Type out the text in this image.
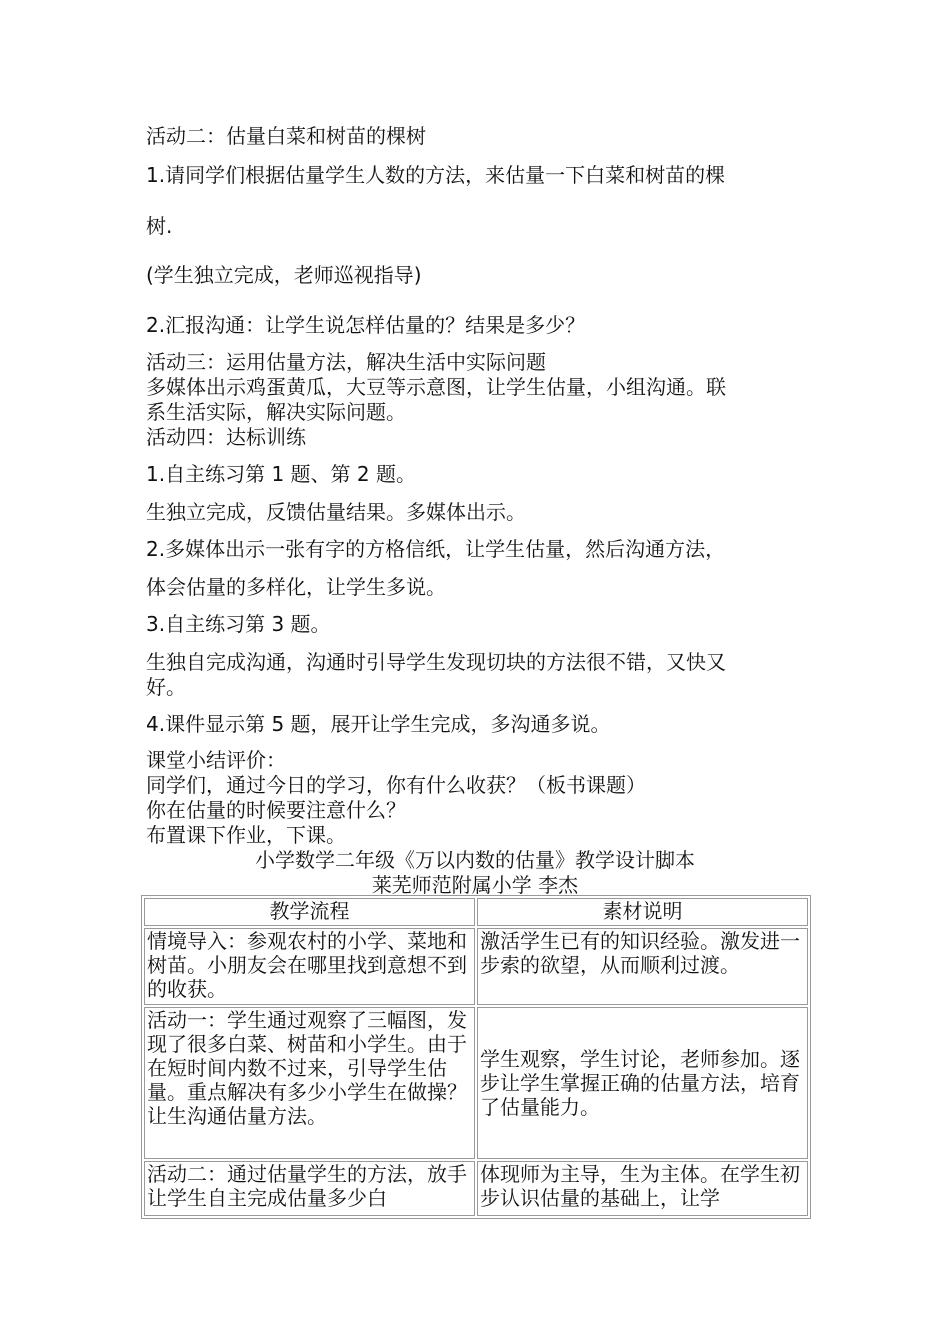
活动二：估量白菜和树苗的棵树
1.请同学们根据估量学生人数的方法，来估量一下白菜和树苗的棵
树.
(学生独立完成，老师巡视指导)
2.汇报沟通：让学生说怎样估量的？结果是多少？
活动三：运用估量方法，解决生活中实际问题
多媒体出示鸡蛋黄瓜，大豆等示意图，让学生估量，小组沟通。联
系生活实际，解决实际问题。
活动四：达标训练
1.自主练习第 1 题、第 2 题。
生独立完成，反馈估量结果。多媒体出示。
2.多媒体出示一张有字的方格信纸，让学生估量，然后沟通方法，
体会估量的多样化，让学生多说。
3.自主练习第 3 题。
生独自完成沟通，沟通时引导学生发现切块的方法很不错，又快又
好。
4.课件显示第 5 题，展开让学生完成，多沟通多说。
课堂小结评价：
同学们，通过今日的学习，你有什么收获？（板书课题）
你在估量的时候要注意什么？
布置课下作业，下课。
小学数学二年级《万以内数的估量》教学设计脚本
莱芜师范附属小学 李杰
教学流程	素材说明
情境导入：参观农村的小学、菜地和树苗。小朋友会在哪里找到意想不到的收获。	激活学生已有的知识经验。激发进一步索的欲望，从而顺利过渡。
活动一：学生通过观察了三幅图，发现了很多白菜、树苗和小学生。由于在短时间内数不过来，引导学生估量。重点解决有多少小学生在做操？让生沟通估量方法。	学生观察，学生讨论，老师参加。逐步让学生掌握正确的估量方法，培育了估量能力。

活动二：通过估量学生的方法，放手让学生自主完成估量多少白	体现师为主导，生为主体。在学生初步认识估量的基础上，让学
